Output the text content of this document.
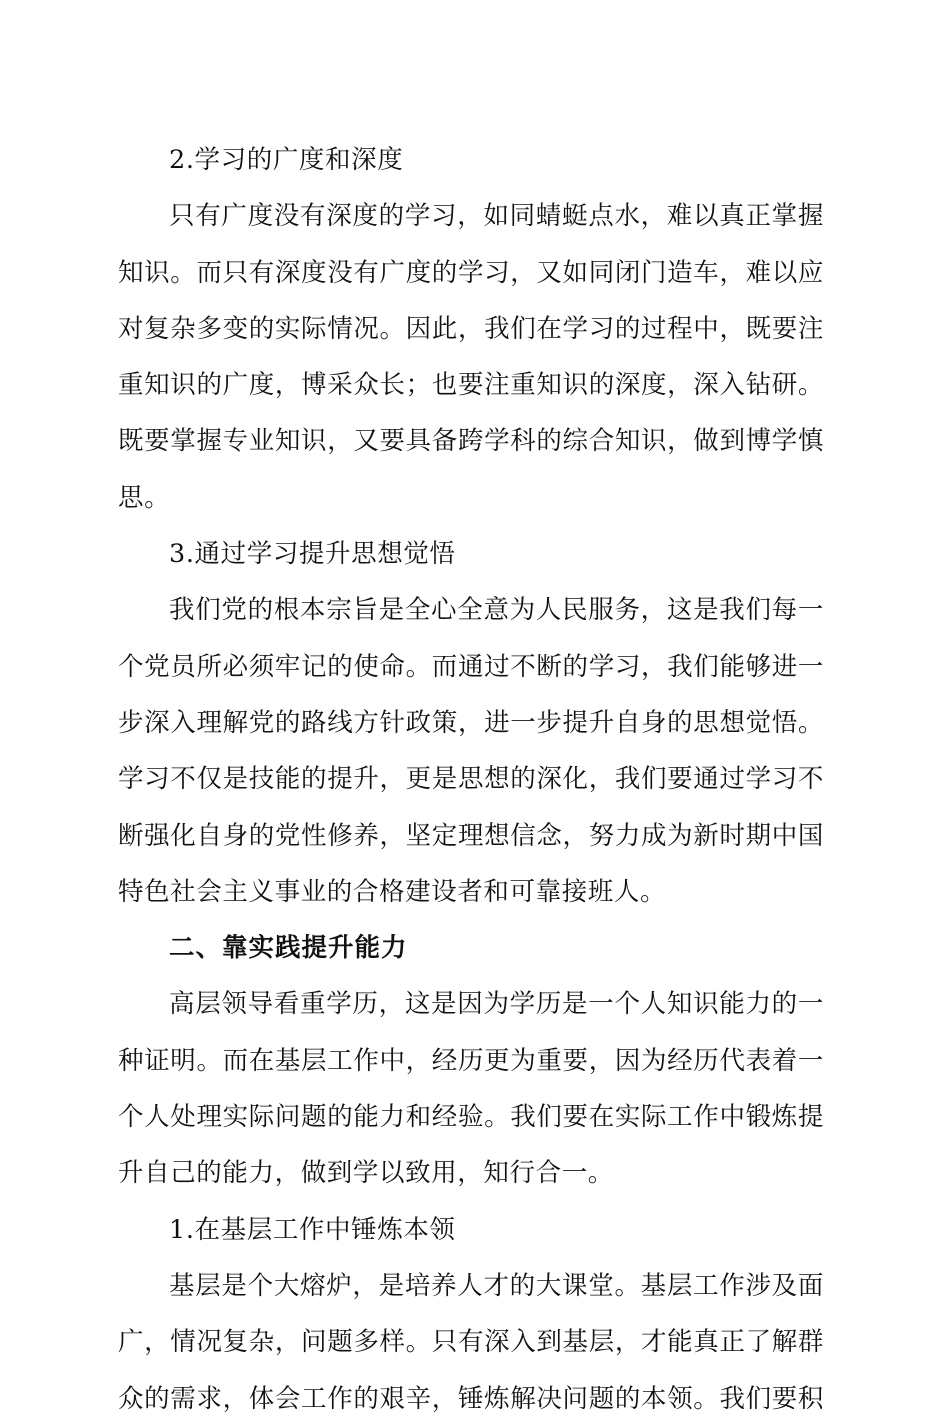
2.学习的广度和深度
只有广度没有深度的学习，如同蜻蜓点水，难以真正掌握
知识。而只有深度没有广度的学习，又如同闭门造车，难以应
对复杂多变的实际情况。因此，我们在学习的过程中，既要注
重知识的广度，博采众长；也要注重知识的深度，深入钻研。
既要掌握专业知识，又要具备跨学科的综合知识，做到博学慎
思。
3.通过学习提升思想觉悟
我们党的根本宗旨是全心全意为人民服务，这是我们每一
个党员所必须牢记的使命。而通过不断的学习，我们能够进一
步深入理解党的路线方针政策，进一步提升自身的思想觉悟。
学习不仅是技能的提升，更是思想的深化，我们要通过学习不
断强化自身的党性修养，坚定理想信念，努力成为新时期中国
特色社会主义事业的合格建设者和可靠接班人。
二、靠实践提升能力
高层领导看重学历，这是因为学历是一个人知识能力的一
种证明。而在基层工作中，经历更为重要，因为经历代表着一
个人处理实际问题的能力和经验。我们要在实际工作中锻炼提
升自己的能力，做到学以致用，知行合一。
1.在基层工作中锤炼本领
基层是个大熔炉，是培养人才的大课堂。基层工作涉及面
广，情况复杂，问题多样。只有深入到基层，才能真正了解群
众的需求，体会工作的艰辛，锤炼解决问题的本领。我们要积
